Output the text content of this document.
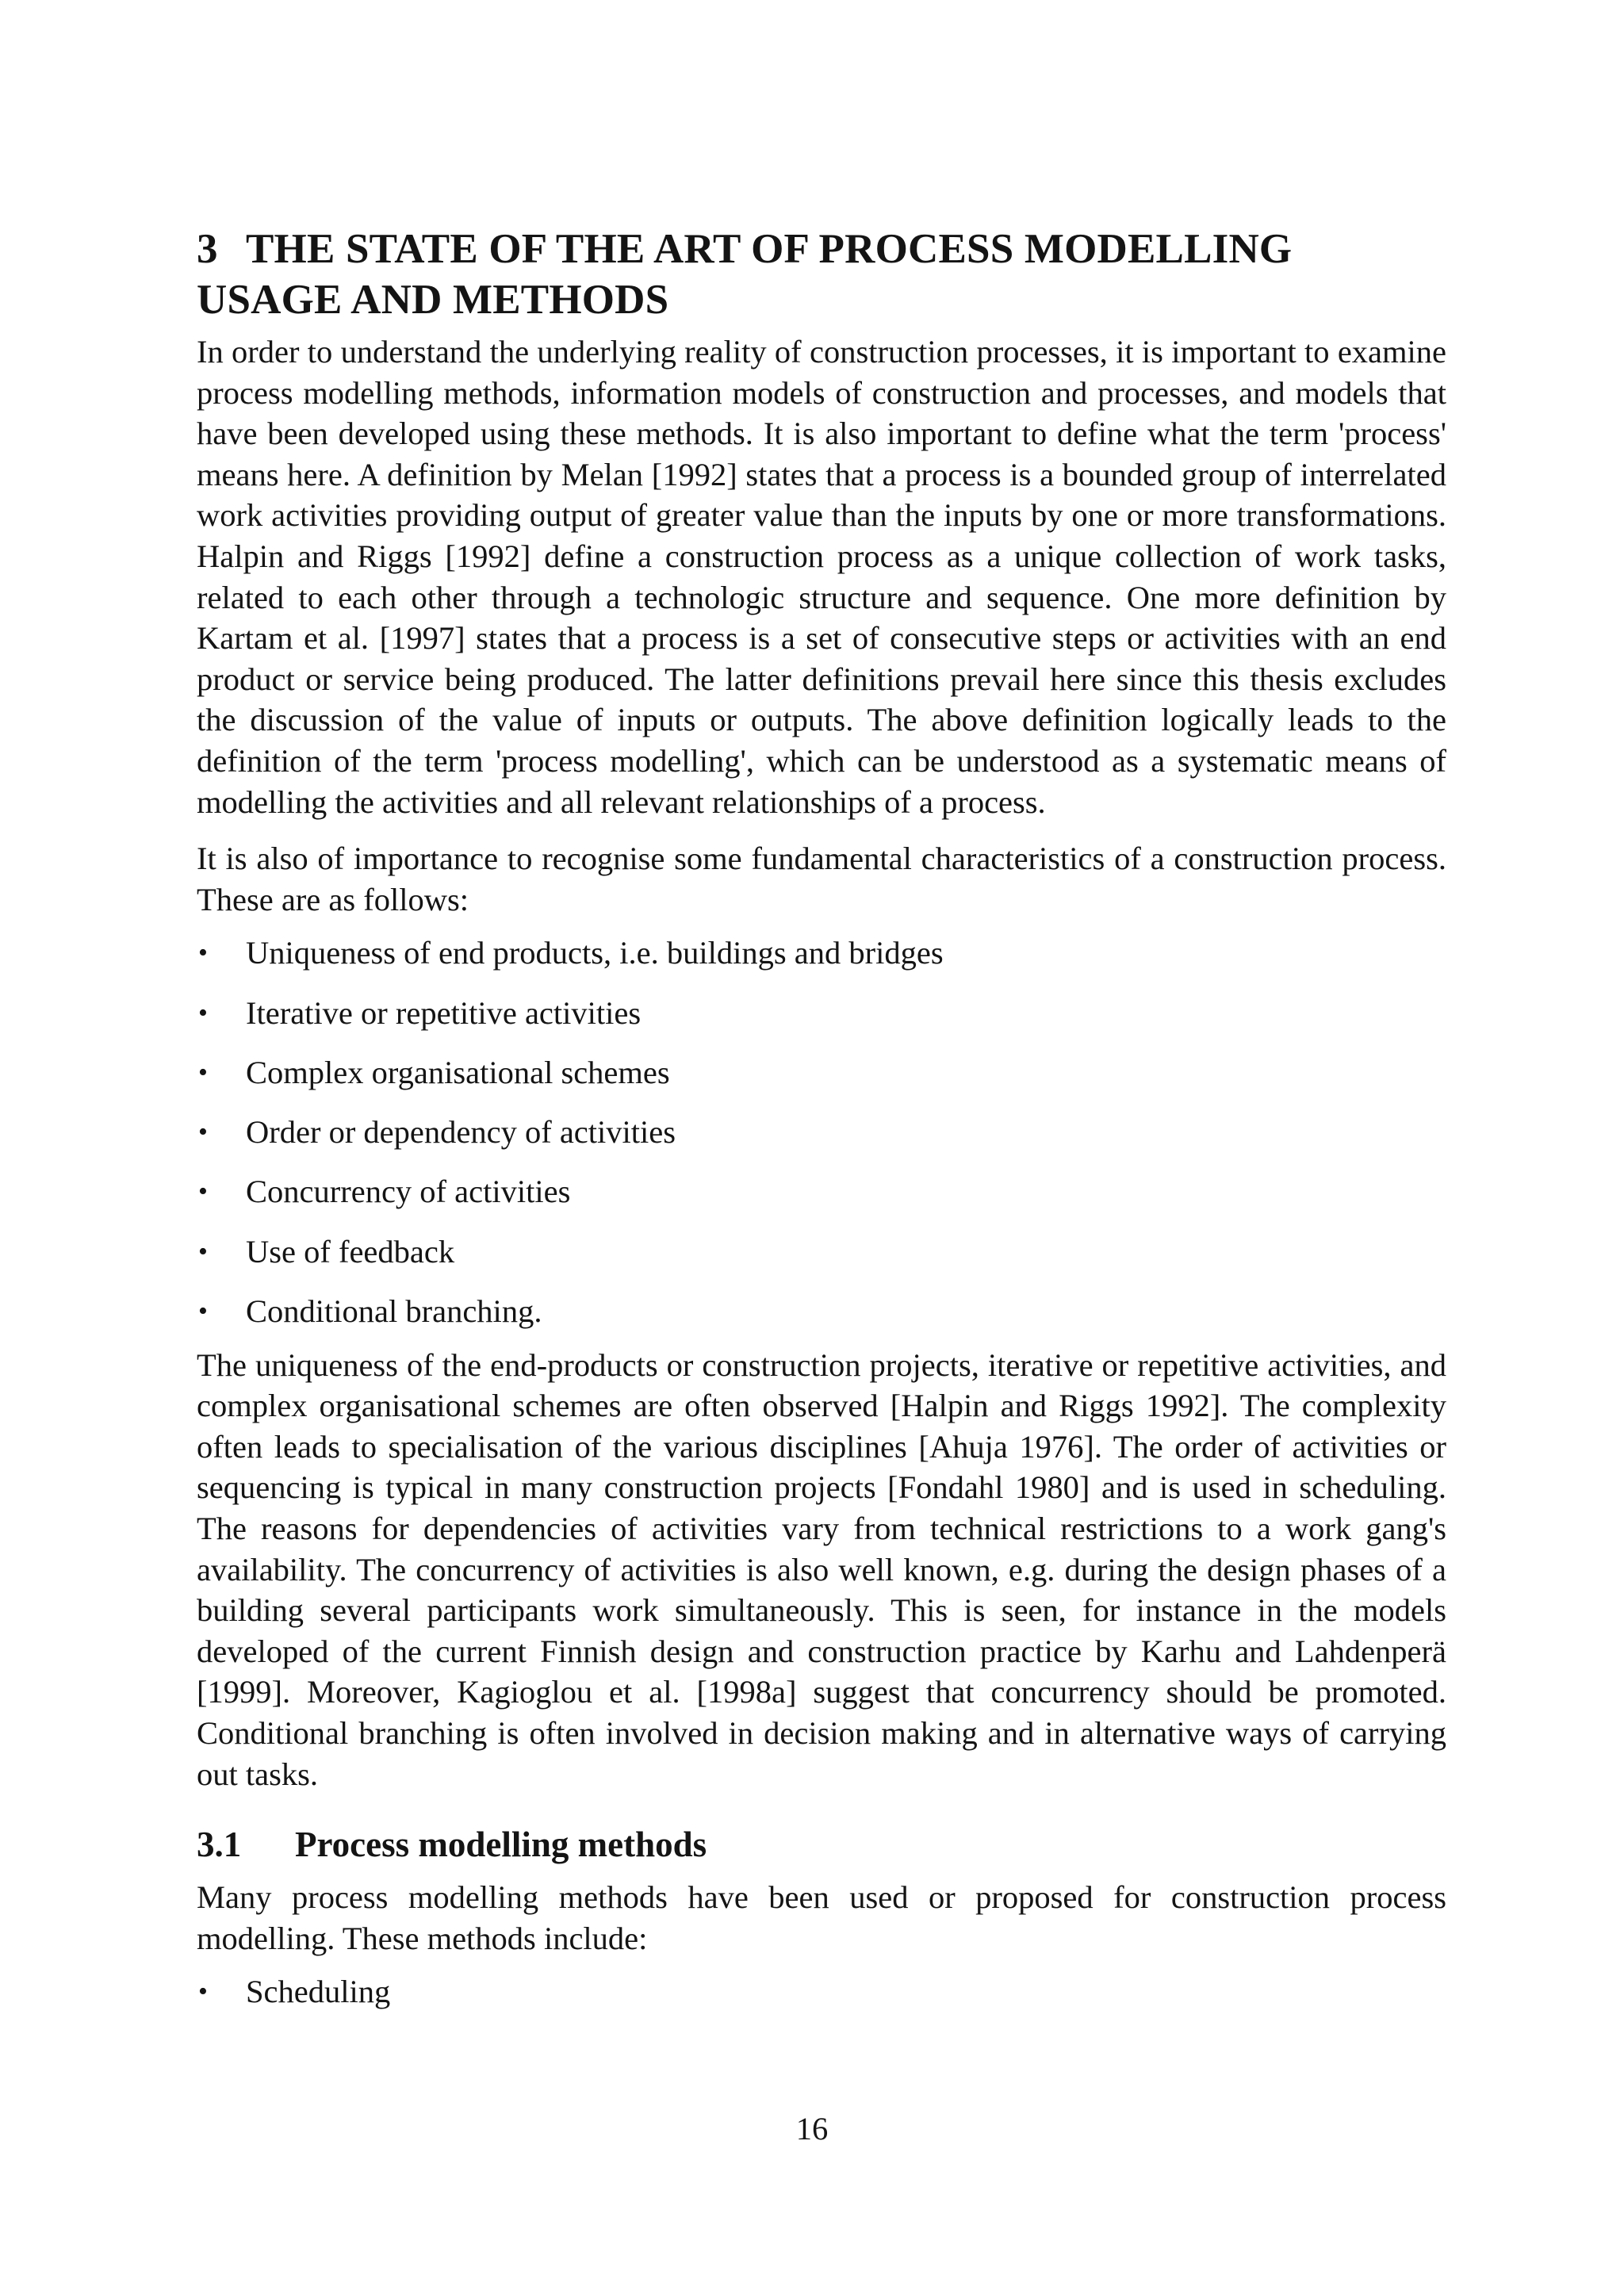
3 THE STATE OF THE ART OF PROCESS MODELLING
USAGE AND METHODS

In order to understand the underlying reality of construction processes, it is important to examine process modelling methods, information models of construction and processes, and models that have been developed using these methods. It is also important to define what the term 'process' means here. A definition by Melan [1992] states that a process is a bounded group of interrelated work activities providing output of greater value than the inputs by one or more transformations. Halpin and Riggs [1992] define a construction process as a unique collection of work tasks, related to each other through a technologic structure and sequence. One more definition by Kartam et al. [1997] states that a process is a set of consecutive steps or activities with an end product or service being produced. The latter definitions prevail here since this thesis excludes the discussion of the value of inputs or outputs. The above definition logically leads to the definition of the term 'process modelling', which can be understood as a systematic means of modelling the activities and all relevant relationships of a process.

It is also of importance to recognise some fundamental characteristics of a construction process. These are as follows:

• Uniqueness of end products, i.e. buildings and bridges
• Iterative or repetitive activities
• Complex organisational schemes
• Order or dependency of activities
• Concurrency of activities
• Use of feedback
• Conditional branching.

The uniqueness of the end-products or construction projects, iterative or repetitive activities, and complex organisational schemes are often observed [Halpin and Riggs 1992]. The complexity often leads to specialisation of the various disciplines [Ahuja 1976]. The order of activities or sequencing is typical in many construction projects [Fondahl 1980] and is used in scheduling. The reasons for dependencies of activities vary from technical restrictions to a work gang's availability. The concurrency of activities is also well known, e.g. during the design phases of a building several participants work simultaneously. This is seen, for instance in the models developed of the current Finnish design and construction practice by Karhu and Lahdenperä [1999]. Moreover, Kagioglou et al. [1998a] suggest that concurrency should be promoted. Conditional branching is often involved in decision making and in alternative ways of carrying out tasks.

3.1 Process modelling methods

Many process modelling methods have been used or proposed for construction process modelling. These methods include:

• Scheduling
16
